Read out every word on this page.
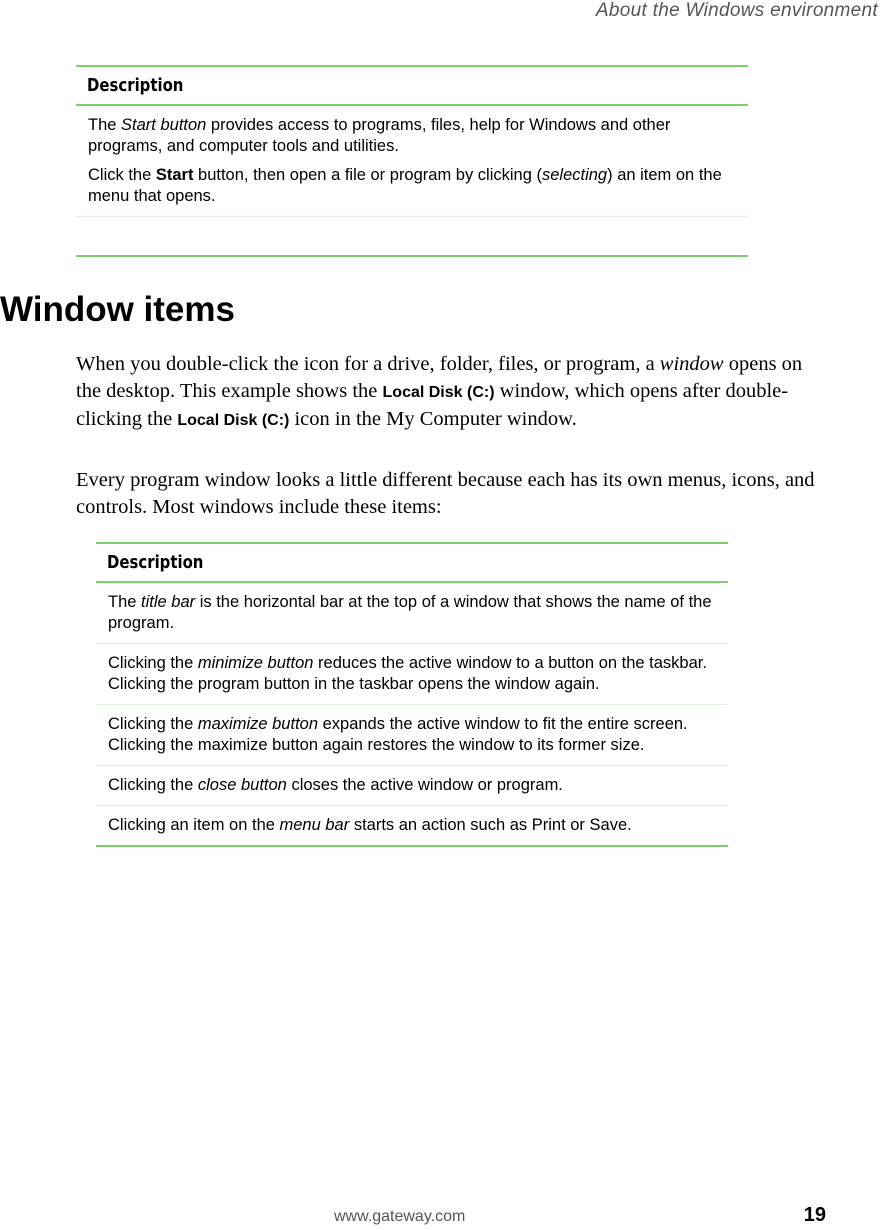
About the Windows environment
Description

The Start button provides access to programs, files, help for Windows and other programs, and computer tools and utilities.

Click the Start button, then open a file or program by clicking (selecting) an item on the menu that opens.

Window items

When you double-click the icon for a drive, folder, files, or program, a window opens on the desktop. This example shows the Local Disk (C:) window, which opens after double-clicking the Local Disk (C:) icon in the My Computer window.

Every program window looks a little different because each has its own menus, icons, and controls. Most windows include these items:

Description
The title bar is the horizontal bar at the top of a window that shows the name of the program.
Clicking the minimize button reduces the active window to a button on the taskbar. Clicking the program button in the taskbar opens the window again.
Clicking the maximize button expands the active window to fit the entire screen. Clicking the maximize button again restores the window to its former size.
Clicking the close button closes the active window or program.
Clicking an item on the menu bar starts an action such as Print or Save.
www.gateway.com	19
